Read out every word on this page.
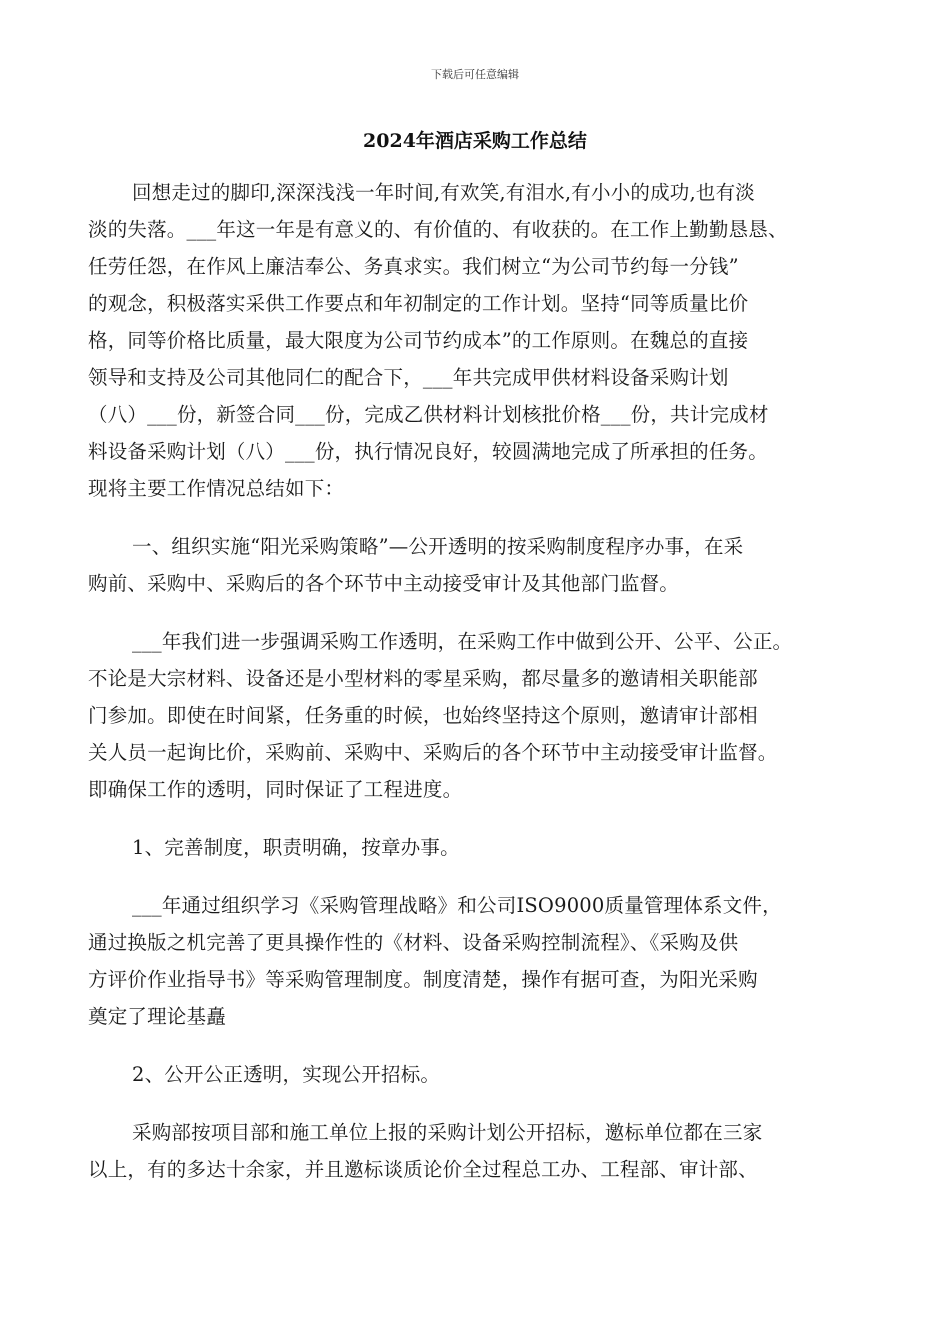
下载后可任意编辑
2024年酒店采购工作总结
回想走过的脚印,深深浅浅一年时间,有欢笑,有泪水,有小小的成功,也有淡
淡的失落。___年这一年是有意义的、有价值的、有收获的。在工作上勤勤恳恳、
任劳任怨，在作风上廉洁奉公、务真求实。我们树立“为公司节约每一分钱”
的观念，积极落实采供工作要点和年初制定的工作计划。坚持“同等质量比价
格，同等价格比质量，最大限度为公司节约成本”的工作原则。在魏总的直接
领导和支持及公司其他同仁的配合下，___年共完成甲供材料设备采购计划
（八）___份，新签合同___份，完成乙供材料计划核批价格___份，共计完成材
料设备采购计划（八）___份，执行情况良好，较圆满地完成了所承担的任务。
现将主要工作情况总结如下：
一、组织实施“阳光采购策略”—公开透明的按采购制度程序办事，在采
购前、采购中、采购后的各个环节中主动接受审计及其他部门监督。
___年我们进一步强调采购工作透明，在采购工作中做到公开、公平、公正。
不论是大宗材料、设备还是小型材料的零星采购，都尽量多的邀请相关职能部
门参加。即使在时间紧，任务重的时候，也始终坚持这个原则，邀请审计部相
关人员一起询比价，采购前、采购中、采购后的各个环节中主动接受审计监督。
即确保工作的透明，同时保证了工程进度。
1、完善制度，职责明确，按章办事。
___年通过组织学习《采购管理战略》和公司ISO9000质量管理体系文件，
通过换版之机完善了更具操作性的《材料、设备采购控制流程》、《采购及供
方评价作业指导书》等采购管理制度。制度清楚，操作有据可查，为阳光采购
奠定了理论基矗
2、公开公正透明，实现公开招标。
采购部按项目部和施工单位上报的采购计划公开招标，邀标单位都在三家
以上，有的多达十余家，并且邀标谈质论价全过程总工办、工程部、审计部、
